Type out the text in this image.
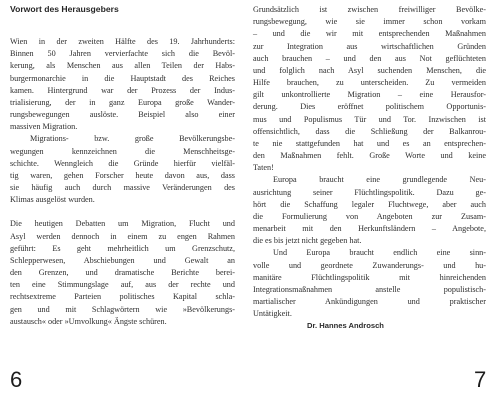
Vorwort des Herausgebers
Wien in der zweiten Hälfte des 19. Jahrhunderts:
Binnen 50 Jahren vervierfachte sich die Bevöl-
kerung, als Menschen aus allen Teilen der Habs-
burgermonarchie in die Hauptstadt des Reiches
kamen. Hintergrund war der Prozess der Indus-
trialisierung, der in ganz Europa große Wander-
rungsbewegungen auslöste. Beispiel also einer
massiven Migration.
Migrations- bzw. große Bevölkerungsbe-
wegungen kennzeichnen die Menschheitsge-
schichte. Wenngleich die Gründe hierfür vielfäl-
tig waren, gehen Forscher heute davon aus, dass
sie häufig auch durch massive Veränderungen des
Klimas ausgelöst wurden.
Die heutigen Debatten um Migration, Flucht und
Asyl werden dennoch in einem zu engen Rahmen
geführt: Es geht mehrheitlich um Grenzschutz,
Schlepperwesen, Abschiebungen und Gewalt an
den Grenzen, und dramatische Berichte berei-
ten eine Stimmungslage auf, aus der rechte und
rechtsextreme Parteien politisches Kapital schla-
gen und mit Schlagwörtern wie »Bevölkerungs-
austausch« oder »Umvolkung« Ängste schüren.
6
Grundsätzlich ist zwischen freiwilliger Bevölke-
rungsbewegung, wie sie immer schon vorkam
– und die wir mit entsprechenden Maßnahmen
zur Integration aus wirtschaftlichen Gründen
auch brauchen – und den aus Not geflüchteten
und folglich nach Asyl suchenden Menschen, die
Hilfe brauchen, zu unterscheiden. Zu vermeiden
gilt unkontrollierte Migration – eine Herausfor-
derung. Dies eröffnet politischem Opportunis-
mus und Populismus Tür und Tor. Inzwischen ist
offensichtlich, dass die Schließung der Balkanrou-
te nie stattgefunden hat und es an entsprechen-
den Maßnahmen fehlt. Große Worte und keine
Taten!
Europa braucht eine grundlegende Neu-
ausrichtung seiner Flüchtlingspolitik. Dazu ge-
hört die Schaffung legaler Fluchtwege, aber auch
die Formulierung von Angeboten zur Zusam-
menarbeit mit den Herkunftsländern – Angebote,
die es bis jetzt nicht gegeben hat.
Und Europa braucht endlich eine sinn-
volle und geordnete Zuwanderungs- und hu-
manitäre Flüchtlingspolitik mit hinreichenden
Integrationsmaßnahmen anstelle populistisch-
martialischer Ankündigungen und praktischer
Untätigkeit.
Dr. Hannes Androsch
7
